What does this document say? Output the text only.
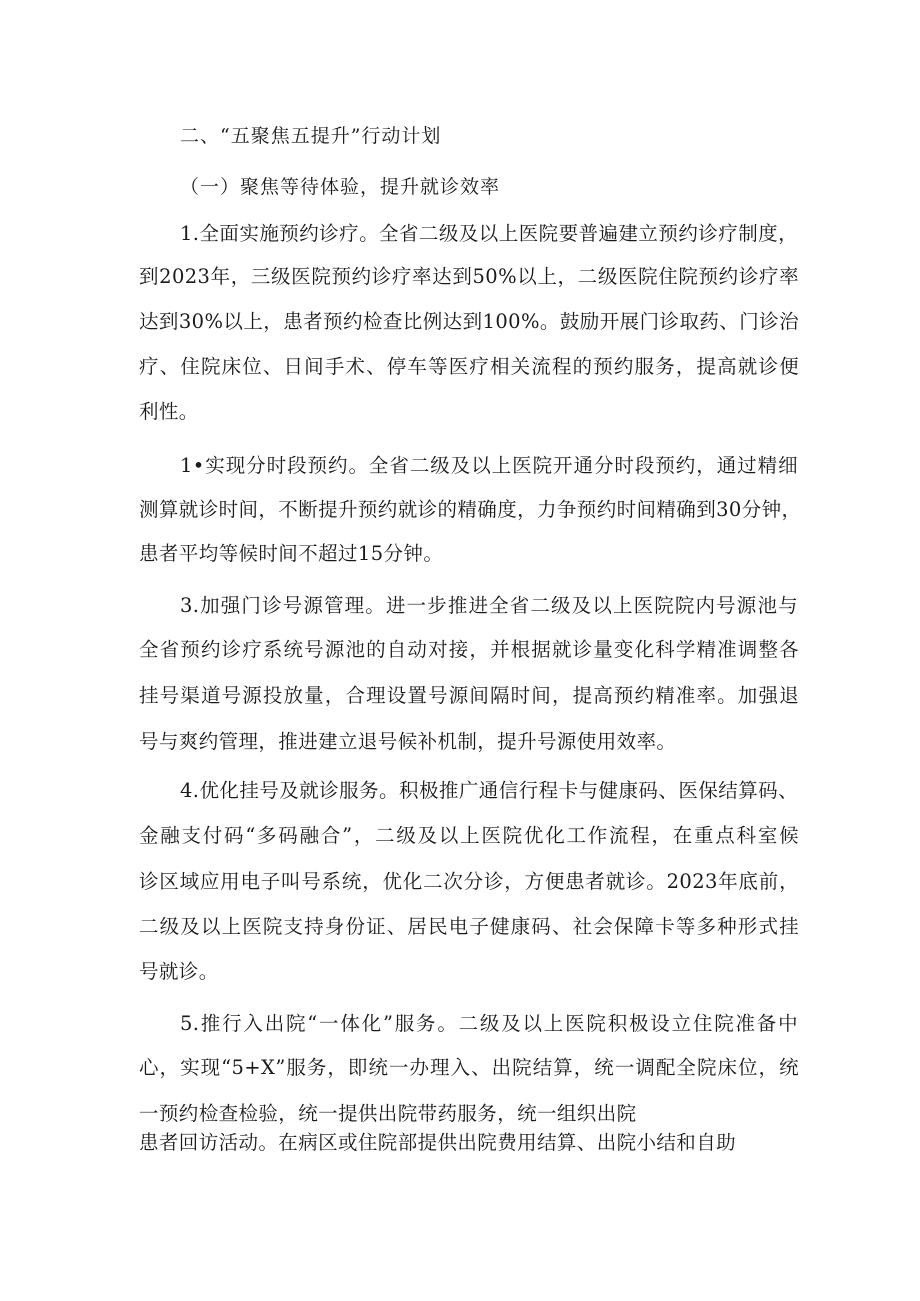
二、“五聚焦五提升”行动计划
（一）聚焦等待体验，提升就诊效率
1.全面实施预约诊疗。全省二级及以上医院要普遍建立预约诊疗制度，
到2023年，三级医院预约诊疗率达到50%以上，二级医院住院预约诊疗率
达到30%以上，患者预约检查比例达到100%。鼓励开展门诊取药、门诊治
疗、住院床位、日间手术、停车等医疗相关流程的预约服务，提高就诊便
利性。
1•实现分时段预约。全省二级及以上医院开通分时段预约，通过精细
测算就诊时间，不断提升预约就诊的精确度，力争预约时间精确到30分钟，
患者平均等候时间不超过15分钟。
3.加强门诊号源管理。进一步推进全省二级及以上医院院内号源池与
全省预约诊疗系统号源池的自动对接，并根据就诊量变化科学精准调整各
挂号渠道号源投放量，合理设置号源间隔时间，提高预约精准率。加强退
号与爽约管理，推进建立退号候补机制，提升号源使用效率。
4.优化挂号及就诊服务。积极推广通信行程卡与健康码、医保结算码、
金融支付码“多码融合”，二级及以上医院优化工作流程，在重点科室候
诊区域应用电子叫号系统，优化二次分诊，方便患者就诊。2023年底前，
二级及以上医院支持身份证、居民电子健康码、社会保障卡等多种形式挂
号就诊。
5.推行入出院“一体化”服务。二级及以上医院积极设立住院准备中
心，实现“5+X”服务，即统一办理入、出院结算，统一调配全院床位，统
一预约检查检验，统一提供出院带药服务，统一组织出院
患者回访活动。在病区或住院部提供出院费用结算、出院小结和自助
